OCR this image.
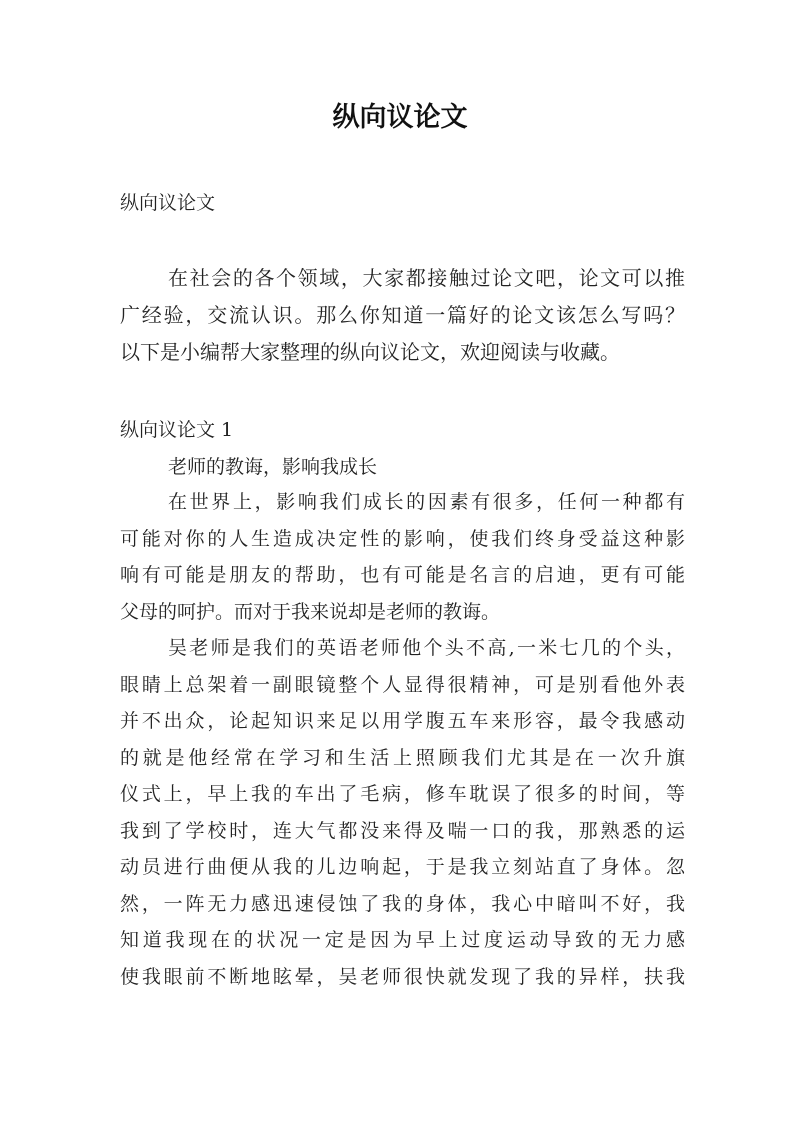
纵向议论文
纵向议论文
在社会的各个领域，大家都接触过论文吧，论文可以推
广经验，交流认识。那么你知道一篇好的论文该怎么写吗？
以下是小编帮大家整理的纵向议论文，欢迎阅读与收藏。
纵向议论文 1
老师的教诲，影响我成长
在世界上，影响我们成长的因素有很多，任何一种都有
可能对你的人生造成决定性的影响，使我们终身受益这种影
响有可能是朋友的帮助，也有可能是名言的启迪，更有可能
父母的呵护。而对于我来说却是老师的教诲。
吴老师是我们的英语老师他个头不高,一米七几的个头，
眼睛上总架着一副眼镜整个人显得很精神，可是别看他外表
并不出众，论起知识来足以用学腹五车来形容，最令我感动
的就是他经常在学习和生活上照顾我们尤其是在一次升旗
仪式上，早上我的车出了毛病，修车耽误了很多的时间，等
我到了学校时，连大气都没来得及喘一口的我，那熟悉的运
动员进行曲便从我的儿边响起，于是我立刻站直了身体。忽
然，一阵无力感迅速侵蚀了我的身体，我心中暗叫不好，我
知道我现在的状况一定是因为早上过度运动导致的无力感
使我眼前不断地眩晕，吴老师很快就发现了我的异样，扶我
